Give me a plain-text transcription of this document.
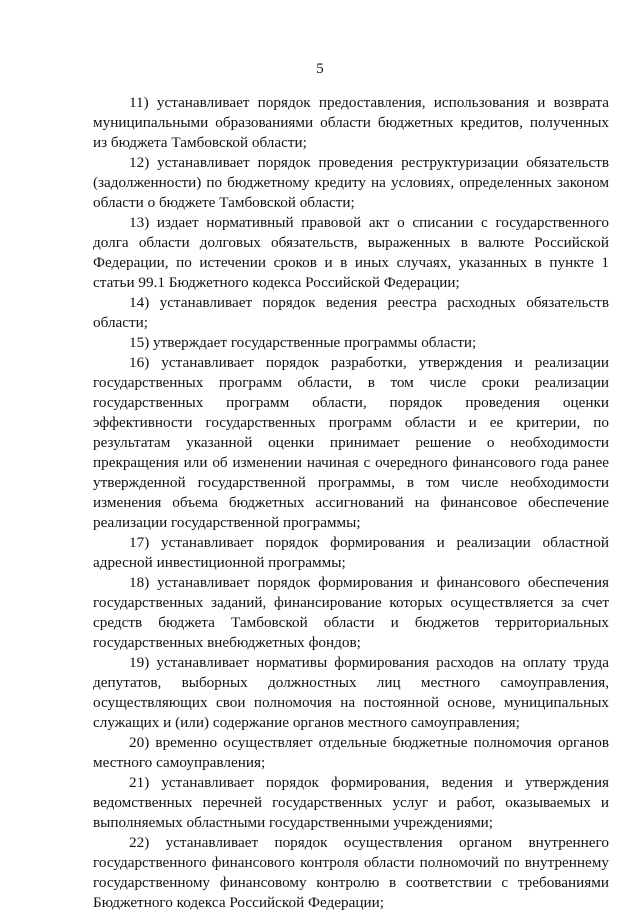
5

11) устанавливает порядок предоставления, использования и возврата муниципальными образованиями области бюджетных кредитов, полученных из бюджета Тамбовской области;

12) устанавливает порядок проведения реструктуризации обязательств (задолженности) по бюджетному кредиту на условиях, определенных законом области о бюджете Тамбовской области;

13) издает нормативный правовой акт о списании с государственного долга области долговых обязательств, выраженных в валюте Российской Федерации, по истечении сроков и в иных случаях, указанных в пункте 1 статьи 99.1 Бюджетного кодекса Российской Федерации;

14) устанавливает порядок ведения реестра расходных обязательств области;

15) утверждает государственные программы области;

16) устанавливает порядок разработки, утверждения и реализации государственных программ области, в том числе сроки реализации государственных программ области, порядок проведения оценки эффективности государственных программ области и ее критерии, по результатам указанной оценки принимает решение о необходимости прекращения или об изменении начиная с очередного финансового года ранее утвержденной государственной программы, в том числе необходимости изменения объема бюджетных ассигнований на финансовое обеспечение реализации государственной программы;

17) устанавливает порядок формирования и реализации областной адресной инвестиционной программы;

18) устанавливает порядок формирования и финансового обеспечения государственных заданий, финансирование которых осуществляется за счет средств бюджета Тамбовской области и бюджетов территориальных государственных внебюджетных фондов;

19) устанавливает нормативы формирования расходов на оплату труда депутатов, выборных должностных лиц местного самоуправления, осуществляющих свои полномочия на постоянной основе, муниципальных служащих и (или) содержание органов местного самоуправления;

20) временно осуществляет отдельные бюджетные полномочия органов местного самоуправления;

21) устанавливает порядок формирования, ведения и утверждения ведомственных перечней государственных услуг и работ, оказываемых и выполняемых областными государственными учреждениями;

22) устанавливает порядок осуществления органом внутреннего государственного финансового контроля области полномочий по внутреннему государственному финансовому контролю в соответствии с требованиями Бюджетного кодекса Российской Федерации;
